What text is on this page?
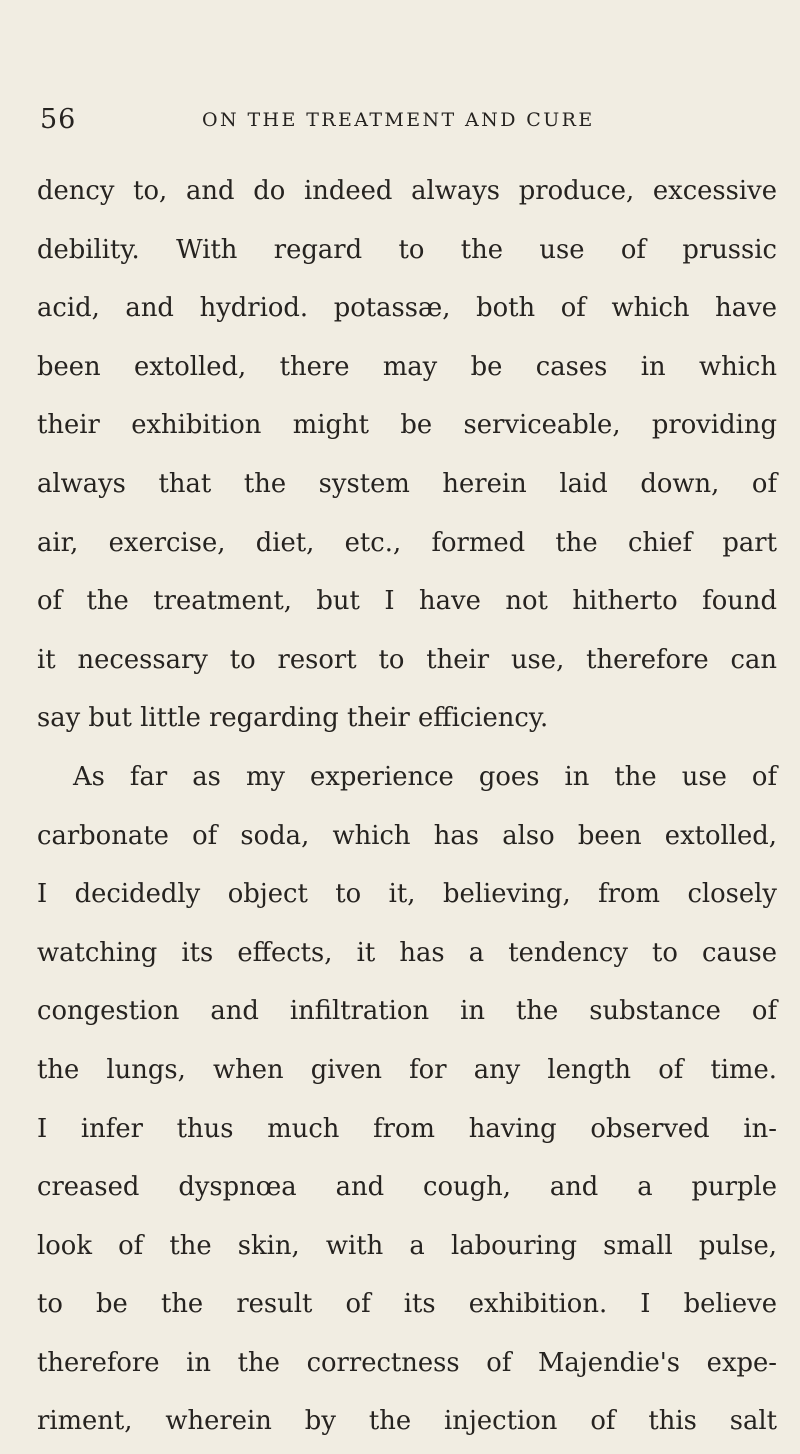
56	ON THE TREATMENT AND CURE
dency to, and do indeed always produce, excessive
debility. With regard to the use of prussic
acid, and hydriod. potassæ, both of which have
been extolled, there may be cases in which
their exhibition might be serviceable, providing
always that the system herein laid down, of
air, exercise, diet, etc., formed the chief part
of the treatment, but I have not hitherto found
it necessary to resort to their use, therefore can
say but little regarding their efficiency.
As far as my experience goes in the use of
carbonate of soda, which has also been extolled,
I decidedly object to it, believing, from closely
watching its effects, it has a tendency to cause
congestion and infiltration in the substance of
the lungs, when given for any length of time.
I infer thus much from having observed in-
creased dyspnœa and cough, and a purple
look of the skin, with a labouring small pulse,
to be the result of its exhibition. I believe
therefore in the correctness of Majendie's expe-
riment, wherein by the injection of this salt
